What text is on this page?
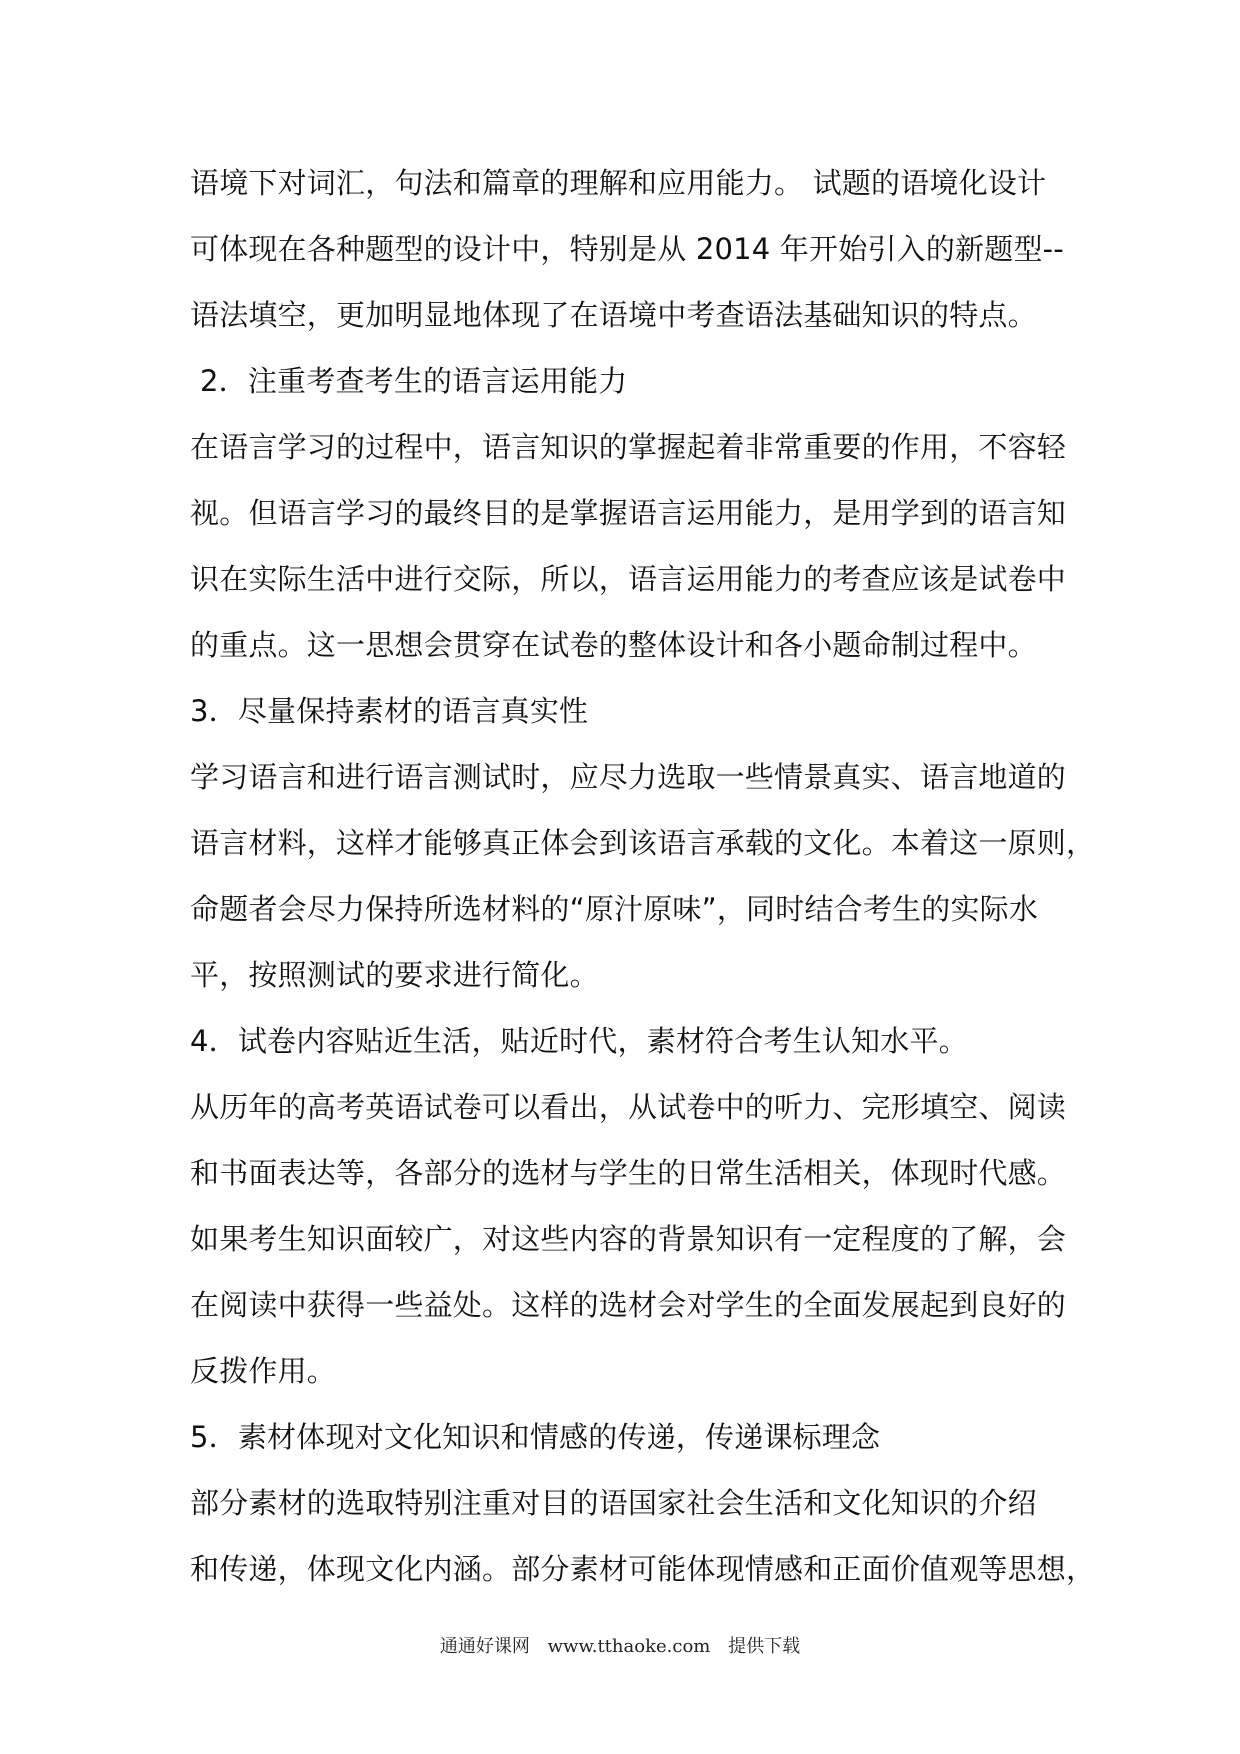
语境下对词汇，句法和篇章的理解和应用能力。 试题的语境化设计
可体现在各种题型的设计中，特别是从 2014 年开始引入的新题型--
语法填空，更加明显地体现了在语境中考查语法基础知识的特点。
2．注重考查考生的语言运用能力
在语言学习的过程中，语言知识的掌握起着非常重要的作用，不容轻
视。但语言学习的最终目的是掌握语言运用能力，是用学到的语言知
识在实际生活中进行交际，所以，语言运用能力的考查应该是试卷中
的重点。这一思想会贯穿在试卷的整体设计和各小题命制过程中。
3．尽量保持素材的语言真实性
学习语言和进行语言测试时，应尽力选取一些情景真实、语言地道的
语言材料，这样才能够真正体会到该语言承载的文化。本着这一原则，
命题者会尽力保持所选材料的“原汁原味”，同时结合考生的实际水
平，按照测试的要求进行简化。
4．试卷内容贴近生活，贴近时代，素材符合考生认知水平。
从历年的高考英语试卷可以看出，从试卷中的听力、完形填空、阅读
和书面表达等，各部分的选材与学生的日常生活相关，体现时代感。
如果考生知识面较广，对这些内容的背景知识有一定程度的了解，会
在阅读中获得一些益处。这样的选材会对学生的全面发展起到良好的
反拨作用。
5．素材体现对文化知识和情感的传递，传递课标理念
部分素材的选取特别注重对目的语国家社会生活和文化知识的介绍
和传递，体现文化内涵。部分素材可能体现情感和正面价值观等思想，
通通好课网 www.tthaoke.com 提供下载
